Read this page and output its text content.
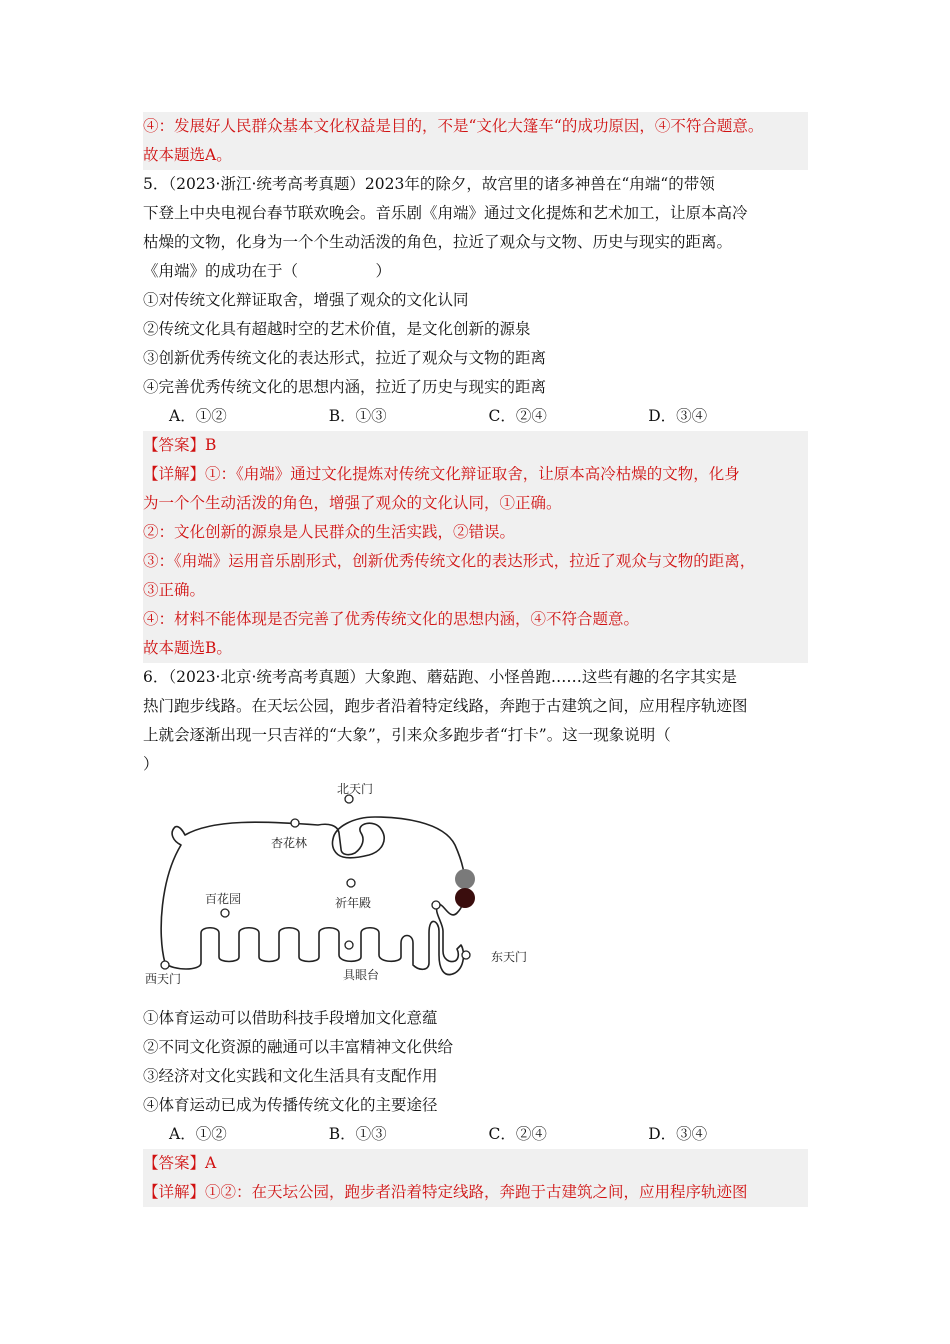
④：发展好人民群众基本文化权益是目的，不是“文化大篷车“的成功原因，④不符合题意。
故本题选A。
5．（2023·浙江·统考高考真题）2023年的除夕，故宫里的诸多神兽在“甪端“的带领
下登上中央电视台春节联欢晚会。音乐剧《甪端》通过文化提炼和艺术加工，让原本高冷
枯燥的文物，化身为一个个生动活泼的角色，拉近了观众与文物、历史与现实的距离。
《甪端》的成功在于（　　　　　）
①对传统文化辩证取舍，增强了观众的文化认同
②传统文化具有超越时空的艺术价值，是文化创新的源泉
③创新优秀传统文化的表达形式，拉近了观众与文物的距离
④完善优秀传统文化的思想内涵，拉近了历史与现实的距离
A．①②	B．①③	C．②④	D．③④
【答案】B
【详解】①：《甪端》通过文化提炼对传统文化辩证取舍，让原本高冷枯燥的文物，化身
为一个个生动活泼的角色，增强了观众的文化认同，①正确。
②：文化创新的源泉是人民群众的生活实践，②错误。
③：《甪端》运用音乐剧形式，创新优秀传统文化的表达形式，拉近了观众与文物的距离，
③正确。
④：材料不能体现是否完善了优秀传统文化的思想内涵，④不符合题意。
故本题选B。
6．（2023·北京·统考高考真题）大象跑、蘑菇跑、小怪兽跑……这些有趣的名字其实是
热门跑步线路。在天坛公园，跑步者沿着特定线路，奔跑于古建筑之间，应用程序轨迹图
上就会逐渐出现一只吉祥的“大象”，引来众多跑步者“打卡”。这一现象说明（
）
北天门
杏花林
百花园	祈年殿
东天门
西天门	具眼台
①体育运动可以借助科技手段增加文化意蕴
②不同文化资源的融通可以丰富精神文化供给
③经济对文化实践和文化生活具有支配作用
④体育运动已成为传播传统文化的主要途径
A．①②	B．①③	C．②④	D．③④
【答案】A
【详解】①②：在天坛公园，跑步者沿着特定线路，奔跑于古建筑之间，应用程序轨迹图
